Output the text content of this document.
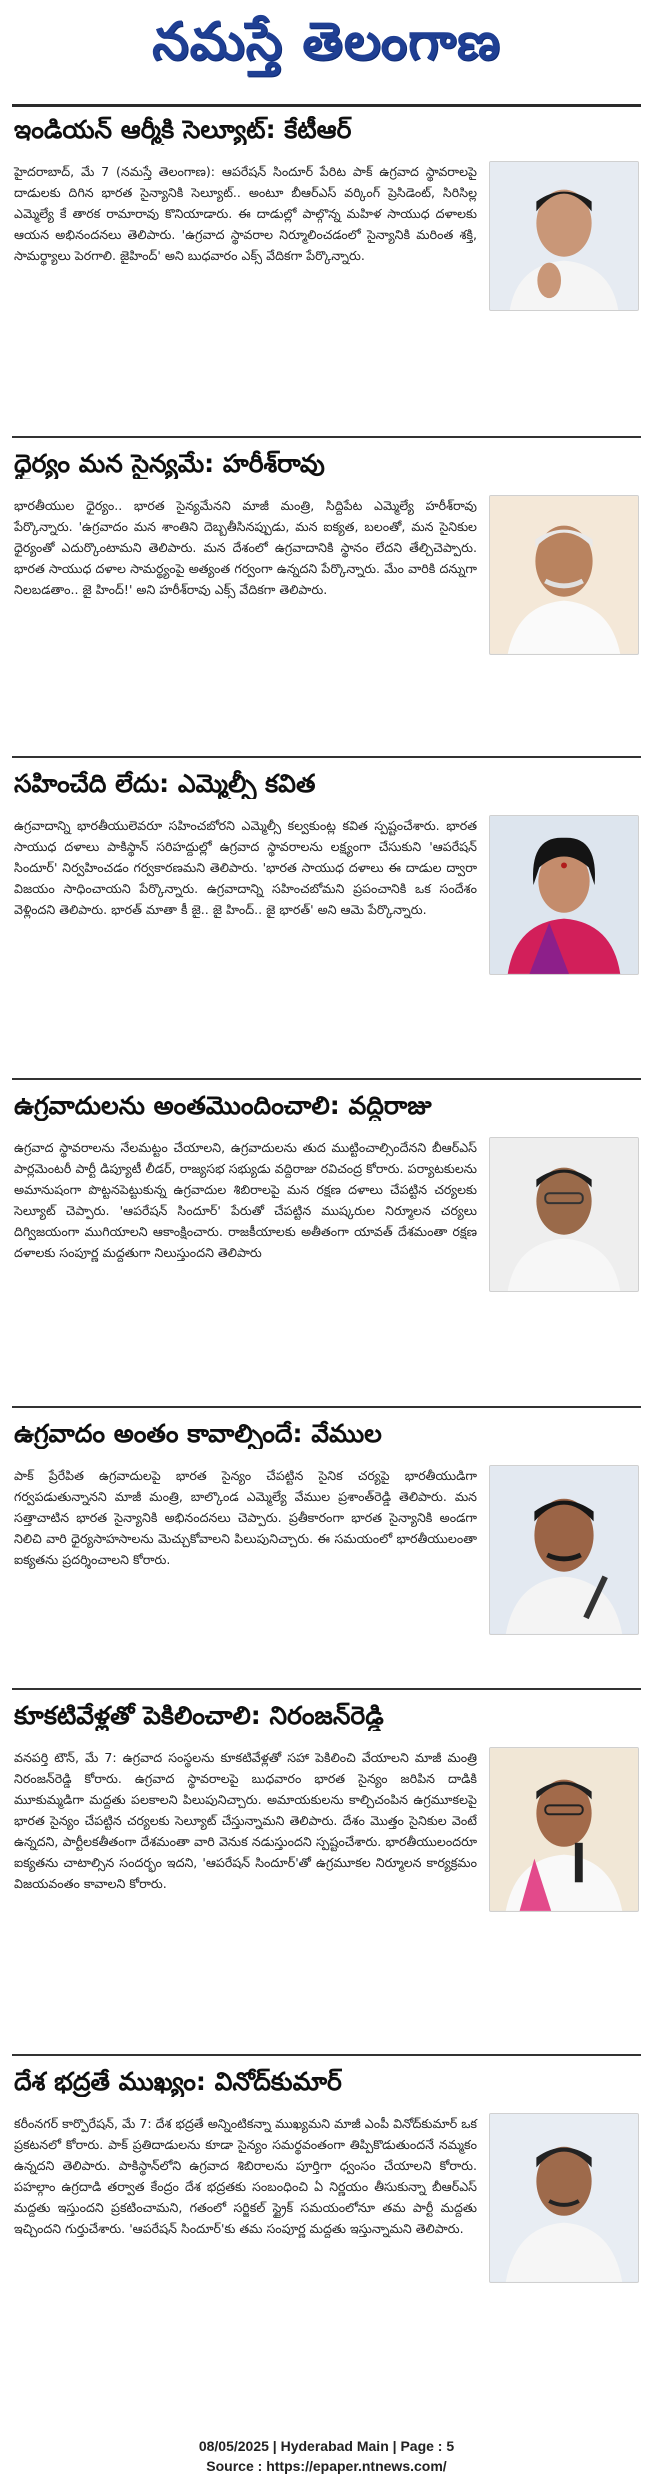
నమస్తే తెలంగాణ
ఇండియన్ ఆర్మీకి సెల్యూట్: కేటీఆర్

హైదరాబాద్, మే 7 (నమస్తే తెలంగాణ): ఆపరేషన్ సిందూర్ పేరిట పాక్ ఉగ్రవాద స్థావరాలపై దాడులకు దిగిన భారత సైన్యానికి సెల్యూట్.. అంటూ బీఆర్ఎస్ వర్కింగ్ ప్రెసిడెంట్, సిరిసిల్ల ఎమ్మెల్యే కే తారక రామారావు కొనియాడారు. ఈ దాడుల్లో పాల్గొన్న మహిళ సాయుధ దళాలకు ఆయన అభినందనలు తెలిపారు. 'ఉగ్రవాద స్థావరాల నిర్మూలించడంలో సైన్యానికి మరింత శక్తి, సామర్థ్యాలు పెరగాలి. జైహింద్' అని బుధవారం ఎక్స్ వేదికగా పేర్కొన్నారు.

ధైర్యం మన సైన్యమే: హరీశ్‌రావు

భారతీయుల ధైర్యం.. భారత సైన్యమేనని మాజీ మంత్రి, సిద్దిపేట ఎమ్మెల్యే హరీశ్‌రావు పేర్కొన్నారు. 'ఉగ్రవాదం మన శాంతిని దెబ్బతీసినప్పుడు, మన ఐక్యత, బలంతో, మన సైనికుల ధైర్యంతో ఎదుర్కొంటామని తెలిపారు. మన దేశంలో ఉగ్రవాదానికి స్థానం లేదని తేల్చిచెప్పారు. భారత సాయుధ దళాల సామర్థ్యంపై అత్యంత గర్వంగా ఉన్నదని పేర్కొన్నారు. మేం వారికి దన్నుగా నిలబడతాం.. జై హింద్!' అని హరీశ్‌రావు ఎక్స్ వేదికగా తెలిపారు.

సహించేది లేదు: ఎమ్మెల్సీ కవిత

ఉగ్రవాదాన్ని భారతీయులెవరూ సహించబోరని ఎమ్మెల్సీ కల్వకుంట్ల కవిత స్పష్టంచేశారు. భారత సాయుధ దళాలు పాకిస్థాన్ సరిహద్దుల్లో ఉగ్రవాద స్థావరాలను లక్ష్యంగా చేసుకుని 'ఆపరేషన్ సిందూర్' నిర్వహించడం గర్వకారణమని తెలిపారు. 'భారత సాయుధ దళాలు ఈ దాడుల ద్వారా విజయం సాధించాయని పేర్కొన్నారు. ఉగ్రవాదాన్ని సహించబోమని ప్రపంచానికి ఒక సందేశం వెళ్లిందని తెలిపారు. భారత్ మాతా కీ జై.. జై హింద్.. జై భారత్' అని ఆమె పేర్కొన్నారు.

ఉగ్రవాదులను అంతమొందించాలి: వద్దిరాజు

ఉగ్రవాద స్థావరాలను నేలమట్టం చేయాలని, ఉగ్రవాదులను తుద ముట్టించాల్సిందేనని బీఆర్ఎస్ పార్లమెంటరీ పార్టీ డిప్యూటీ లీడర్, రాజ్యసభ సభ్యుడు వద్దిరాజు రవిచంద్ర కోరారు. పర్యాటకులను అమానుషంగా పొట్టనపెట్టుకున్న ఉగ్రవాదుల శిబిరాలపై మన రక్షణ దళాలు చేపట్టిన చర్యలకు సెల్యూట్ చెప్పారు. 'ఆపరేషన్ సిందూర్' పేరుతో చేపట్టిన ముష్కరుల నిర్మూలన చర్యలు దిగ్విజయంగా ముగియాలని ఆకాంక్షించారు. రాజకీయాలకు అతీతంగా యావత్ దేశమంతా రక్షణ దళాలకు సంపూర్ణ మద్దతుగా నిలుస్తుందని తెలిపారు

ఉగ్రవాదం అంతం కావాల్సిందే: వేముల

పాక్ ప్రేరేపిత ఉగ్రవాదులపై భారత సైన్యం చేపట్టిన సైనిక చర్యపై భారతీయుడిగా గర్వపడుతున్నానని మాజీ మంత్రి, బాల్కొండ ఎమ్మెల్యే వేముల ప్రశాంత్‌రెడ్డి తెలిపారు. మన సత్తాచాటిన భారత సైన్యానికి అభినందనలు చెప్పారు. ప్రతీకారంగా భారత సైన్యానికి అండగా నిలిచి వారి ధైర్యసాహసాలను మెచ్చుకోవాలని పిలుపునిచ్చారు. ఈ సమయంలో భారతీయులంతా ఐక్యతను ప్రదర్శించాలని కోరారు.

కూకటివేళ్లతో పెకిలించాలి: నిరంజన్‌రెడ్డి

వనపర్తి టౌన్, మే 7: ఉగ్రవాద సంస్థలను కూకటివేళ్లతో సహా పెకిలించి వేయాలని మాజీ మంత్రి నిరంజన్‌రెడ్డి కోరారు. ఉగ్రవాద స్థావరాలపై బుధవారం భారత సైన్యం జరిపిన దాడికి మూకుమ్మడిగా మద్దతు పలకాలని పిలుపునిచ్చారు. అమాయకులను కాల్చిచంపిన ఉగ్రమూకలపై భారత సైన్యం చేపట్టిన చర్యలకు సెల్యూట్ చేస్తున్నామని తెలిపారు. దేశం మొత్తం సైనికుల వెంటే ఉన్నదని, పార్టీలకతీతంగా దేశమంతా వారి వెనుక నడుస్తుందని స్పష్టంచేశారు. భారతీయులందరూ ఐక్యతను చాటాల్సిన సందర్భం ఇదని, 'ఆపరేషన్ సిందూర్'తో ఉగ్రమూకల నిర్మూలన కార్యక్రమం విజయవంతం కావాలని కోరారు.

దేశ భద్రతే ముఖ్యం: వినోద్‌కుమార్

కరీంనగర్ కార్పొరేషన్, మే 7: దేశ భద్రతే అన్నింటికన్నా ముఖ్యమని మాజీ ఎంపీ వినోద్‌కుమార్ ఒక ప్రకటనలో కోరారు. పాక్ ప్రతిదాడులను కూడా సైన్యం సమర్థవంతంగా తిప్పికొడుతుందనే నమ్మకం ఉన్నదని తెలిపారు. పాకిస్థాన్‌లోని ఉగ్రవాద శిబిరాలను పూర్తిగా ధ్వంసం చేయాలని కోరారు. పహల్గాం ఉగ్రదాడి తర్వాత కేంద్రం దేశ భద్రతకు సంబంధించి ఏ నిర్ణయం తీసుకున్నా బీఆర్ఎస్ మద్దతు ఇస్తుందని ప్రకటించామని, గతంలో సర్జికల్ స్ట్రైక్ సమయంలోనూ తమ పార్టీ మద్దతు ఇచ్చిందని గుర్తుచేశారు. 'ఆపరేషన్ సిందూర్'కు తమ సంపూర్ణ మద్దతు ఇస్తున్నామని తెలిపారు.

08/05/2025 | Hyderabad Main | Page : 5
Source : https://epaper.ntnews.com/
